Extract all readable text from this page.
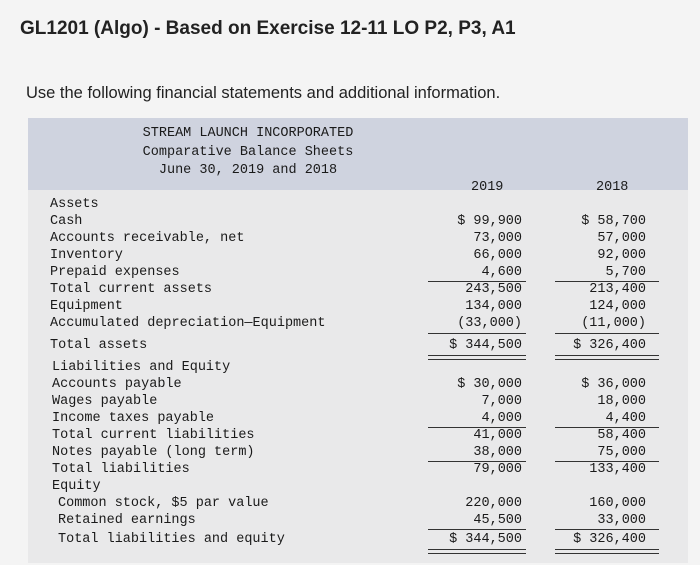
GL1201 (Algo) - Based on Exercise 12-11 LO P2, P3, A1
Use the following financial statements and additional information.
STREAM LAUNCH INCORPORATED
Comparative Balance Sheets
June 30, 2019 and 2018
2019	2018
Assets
Cash	$ 99,900	$ 58,700
Accounts receivable, net	73,000	57,000
Inventory	66,000	92,000
Prepaid expenses	4,600	5,700
Total current assets	243,500	213,400
Equipment	134,000	124,000
Accumulated depreciation—Equipment	(33,000)	(11,000)
Total assets	$ 344,500	$ 326,400
Liabilities and Equity
Accounts payable	$ 30,000	$ 36,000
Wages payable	7,000	18,000
Income taxes payable	4,000	4,400
Total current liabilities	41,000	58,400
Notes payable (long term)	38,000	75,000
Total liabilities	79,000	133,400
Equity
Common stock, $5 par value	220,000	160,000
Retained earnings	45,500	33,000
Total liabilities and equity	$ 344,500	$ 326,400
